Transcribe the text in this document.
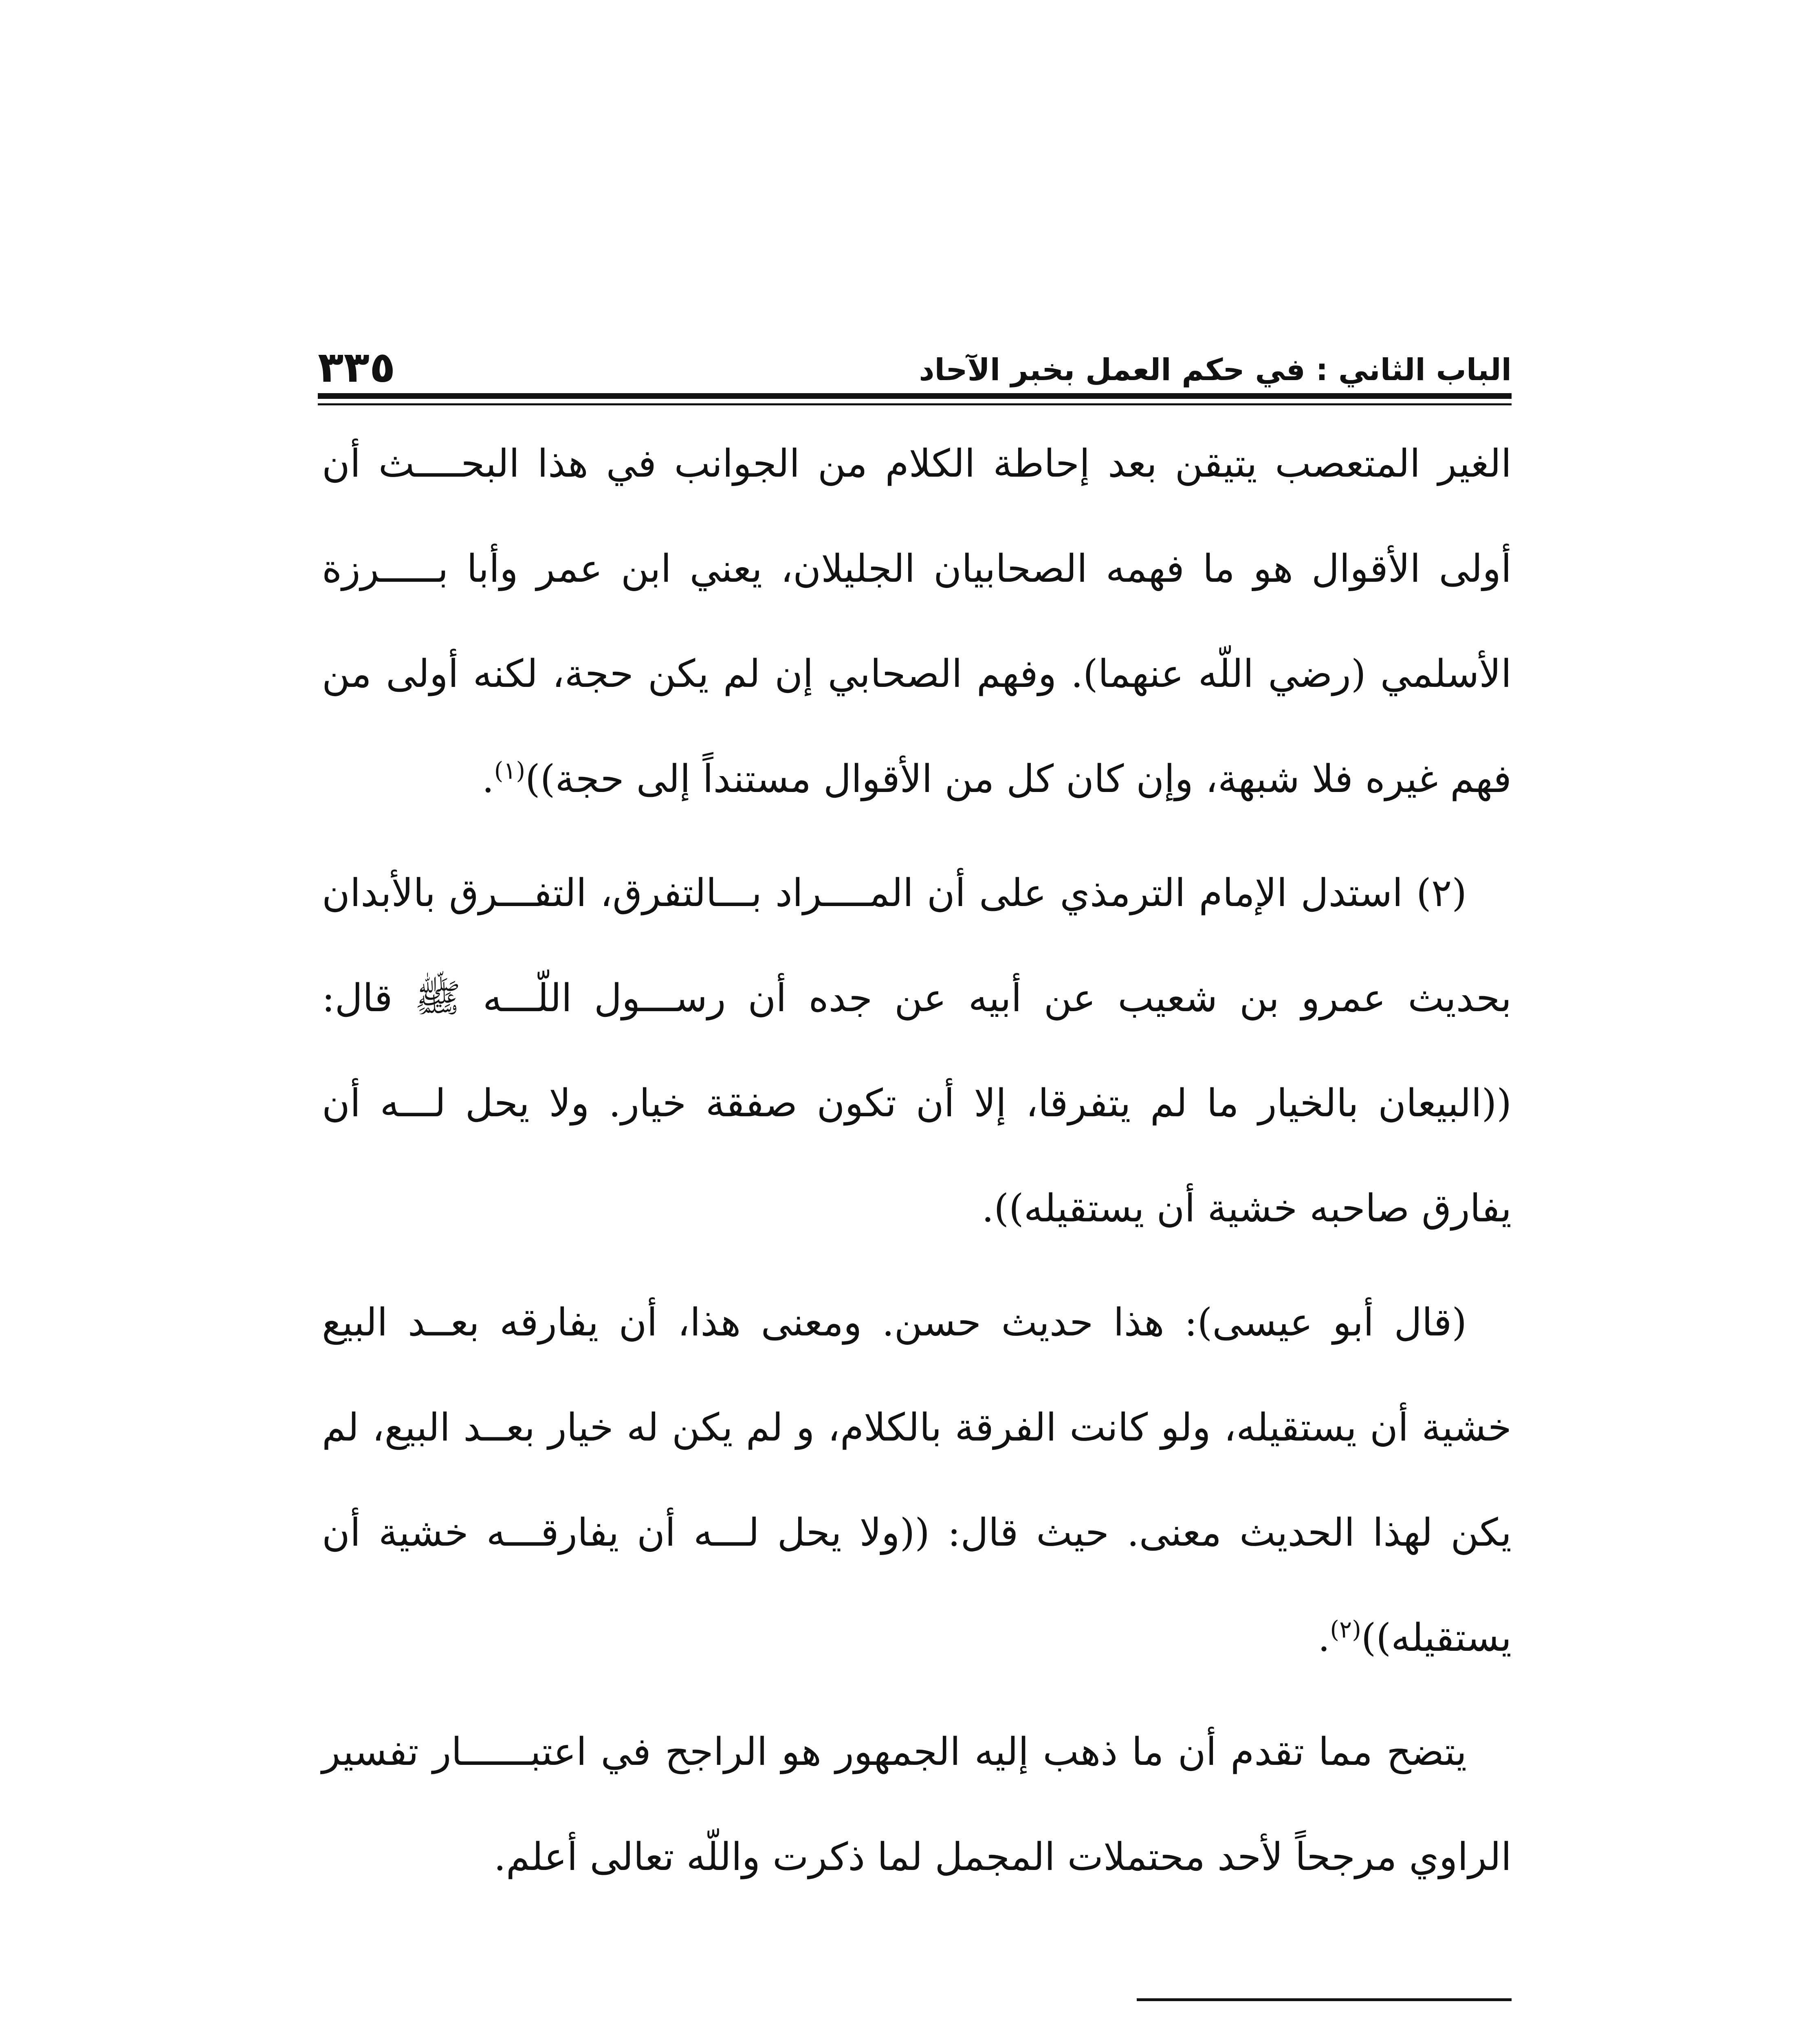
الباب الثاني : في حكم العمل بخبر الآحاد
٣٣٥

الغير المتعصب يتيقن بعد إحاطة الكلام من الجوانب في هذا البحــــث أن أولى الأقوال هو ما فهمه الصحابيان الجليلان، يعني ابن عمر وأبا بـــــرزة الأسلمي (رضي اللّه عنهما). وفهم الصحابي إن لم يكن حجة، لكنه أولى من فهم غيره فلا شبهة، وإن كان كل من الأقوال مستنداً إلى حجة))$^{(١)}$.

(٢) استدل الإمام الترمذي على أن المــــراد بـــالتفرق، التفـــرق بالأبدان بحديث عمرو بن شعيب عن أبيه عن جده أن رســـول اللّـــه ﷺ قال: ((البيعان بالخيار ما لم يتفرقا، إلا أن تكون صفقة خيار. ولا يحل لـــه أن يفارق صاحبه خشية أن يستقيله)).

(قال أبو عيسى): هذا حديث حسن. ومعنى هذا، أن يفارقه بعــد البيع خشية أن يستقيله، ولو كانت الفرقة بالكلام، و لم يكن له خيار بعــد البيع، لم يكن لهذا الحديث معنى. حيث قال: ((ولا يحل لـــه أن يفارقـــه خشية أن يستقيله))$^{(٢)}$.

يتضح مما تقدم أن ما ذهب إليه الجمهور هو الراجح في اعتبــــــار تفسير الراوي مرجحاً لأحد محتملات المجمل لما ذكرت واللّه تعالى أعلم.
